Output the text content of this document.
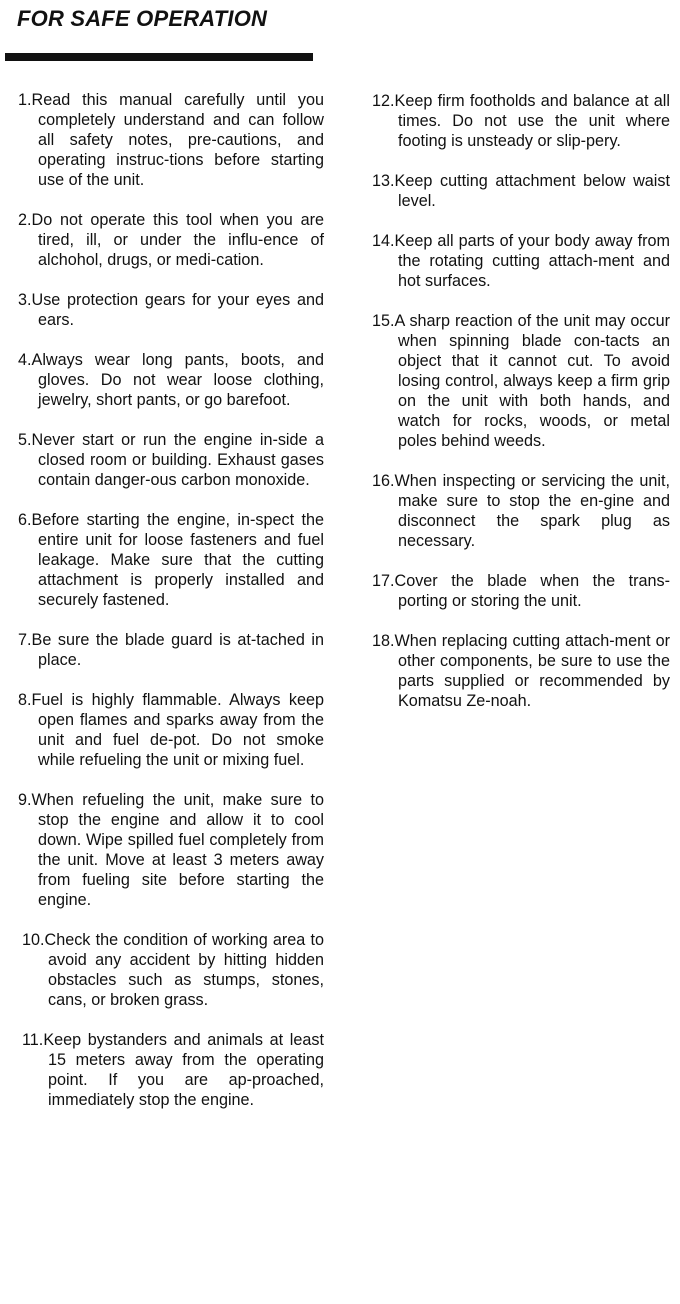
FOR SAFE OPERATION

1.Read this manual carefully until you completely understand and can follow all safety notes, pre-cautions, and operating instruc-tions before starting use of the unit.

2.Do not operate this tool when you are tired, ill, or under the influ-ence of alchohol, drugs, or medi-cation.

3.Use protection gears for your eyes and ears.

4.Always wear long pants, boots, and gloves. Do not wear loose clothing, jewelry, short pants, or go barefoot.

5.Never start or run the engine in-side a closed room or building. Exhaust gases contain danger-ous carbon monoxide.

6.Before starting the engine, in-spect the entire unit for loose fasteners and fuel leakage. Make sure that the cutting attachment is properly installed and securely fastened.

7.Be sure the blade guard is at-tached in place.

8.Fuel is highly flammable. Always keep open flames and sparks away from the unit and fuel de-pot. Do not smoke while refueling the unit or mixing fuel.

9.When refueling the unit, make sure to stop the engine and allow it to cool down. Wipe spilled fuel completely from the unit. Move at least 3 meters away from fueling site before starting the engine.

10.Check the condition of working area to avoid any accident by hitting hidden obstacles such as stumps, stones, cans, or broken grass.

11.Keep bystanders and animals at least 15 meters away from the operating point. If you are ap-proached, immediately stop the engine.

12.Keep firm footholds and balance at all times. Do not use the unit where footing is unsteady or slip-pery.

13.Keep cutting attachment below waist level.

14.Keep all parts of your body away from the rotating cutting attach-ment and hot surfaces.

15.A sharp reaction of the unit may occur when spinning blade con-tacts an object that it cannot cut. To avoid losing control, always keep a firm grip on the unit with both hands, and watch for rocks, woods, or metal poles behind weeds.

16.When inspecting or servicing the unit, make sure to stop the en-gine and disconnect the spark plug as necessary.

17.Cover the blade when the trans-porting or storing the unit.

18.When replacing cutting attach-ment or other components, be sure to use the parts supplied or recommended by Komatsu Ze-noah.
